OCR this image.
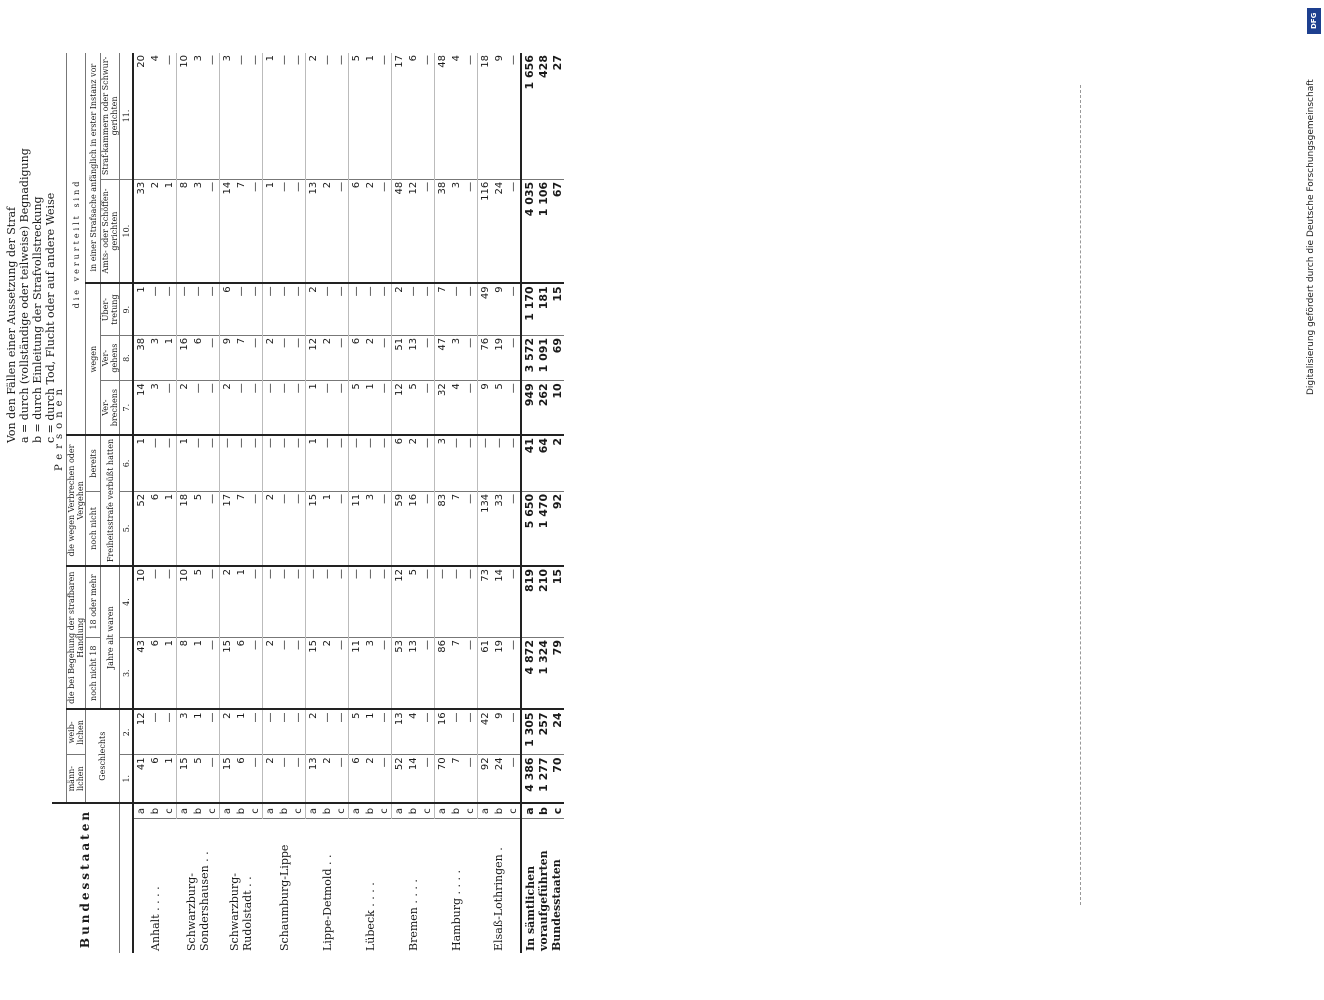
Von den Fällen einer Aussetzung der Straf a = durch (vollständige oder teilweise) Begnadigung b = durch Einleitung der Strafvollstreckung c = durch Tod, Flucht oder auf andere Weise
Bundesstaaten		Personen										
		männ-lichen	weib-lichen	die bei Begehung der strafbaren Handlung		die wegen Verbrechen oder Vergehen		die verurteilt sind				
		Geschlechts		noch nicht 18	18 oder mehr	noch nicht	bereits	wegen			in einer Strafsache anfänglich in erster Instanz vor	
				Jahre alt waren		Freiheitsstrafe verbüßt hatten		Ver-brechens	Ver-gehens	Über-tretung	Amts- oder Schöffen-gerichten	Straf-kammern oder Schwur-gerichten
		1.	2.	3.	4.	5.	6.	7.	8.	9.	10.	11.
Anhalt . . . .	a	41	12	43	10	52	1	14	38	1	33	20
	b	6	—	6	—	6	—	3	3	—	2	4
	c	1	—	1	—	1	—	—	1	—	1	—
Schwarzburg-Sondershausen . .	a	15	3	8	10	18	1	2	16	—	8	10
	b	5	1	1	5	5	—	—	6	—	3	3
	c	—	—	—	—	—	—	—	—	—	—	—
Schwarzburg-Rudolstadt . .	a	15	2	15	2	17	—	2	9	6	14	3
	b	6	1	6	1	7	—	—	7	—	7	—
	c	—	—	—	—	—	—	—	—	—	—	—
Schaumburg-Lippe	a	2	—	2	—	2	—	—	2	—	1	1
	b	—	—	—	—	—	—	—	—	—	—	—
	c	—	—	—	—	—	—	—	—	—	—	—
Lippe-Detmold . .	a	13	2	15	—	15	1	1	12	2	13	2
	b	2	—	2	—	1	—	—	2	—	2	—
	c	—	—	—	—	—	—	—	—	—	—	—
Lübeck . . . .	a	6	5	11	—	11	—	5	6	—	6	5
	b	2	1	3	—	3	—	1	2	—	2	1
	c	—	—	—	—	—	—	—	—	—	—	—
Bremen . . . .	a	52	13	53	12	59	6	12	51	2	48	17
	b	14	4	13	5	16	2	5	13	—	12	6
	c	—	—	—	—	—	—	—	—	—	—	—
Hamburg . . . .	a	70	16	86	—	83	3	32	47	7	38	48
	b	7	—	7	—	7	—	4	3	—	3	4
	c	—	—	—	—	—	—	—	—	—	—	—
Elsaß-Lothringen .	a	92	42	61	73	134	—	9	76	49	116	18
	b	24	9	19	14	33	—	5	19	9	24	9
	c	—	—	—	—	—	—	—	—	—	—	—
In sämtlichen voraufgeführten Bundesstaaten	a	4 386	1 305	4 872	819	5 650	41	949	3 572	1 170	4 035	1 656
	b	1 277	257	1 324	210	1 470	64	262	1 091	181	1 106	428
	c	70	24	79	15	92	2	10	69	15	67	27
DFG
Digitalisierung gefördert durch die Deutsche Forschungsgemeinschaft
